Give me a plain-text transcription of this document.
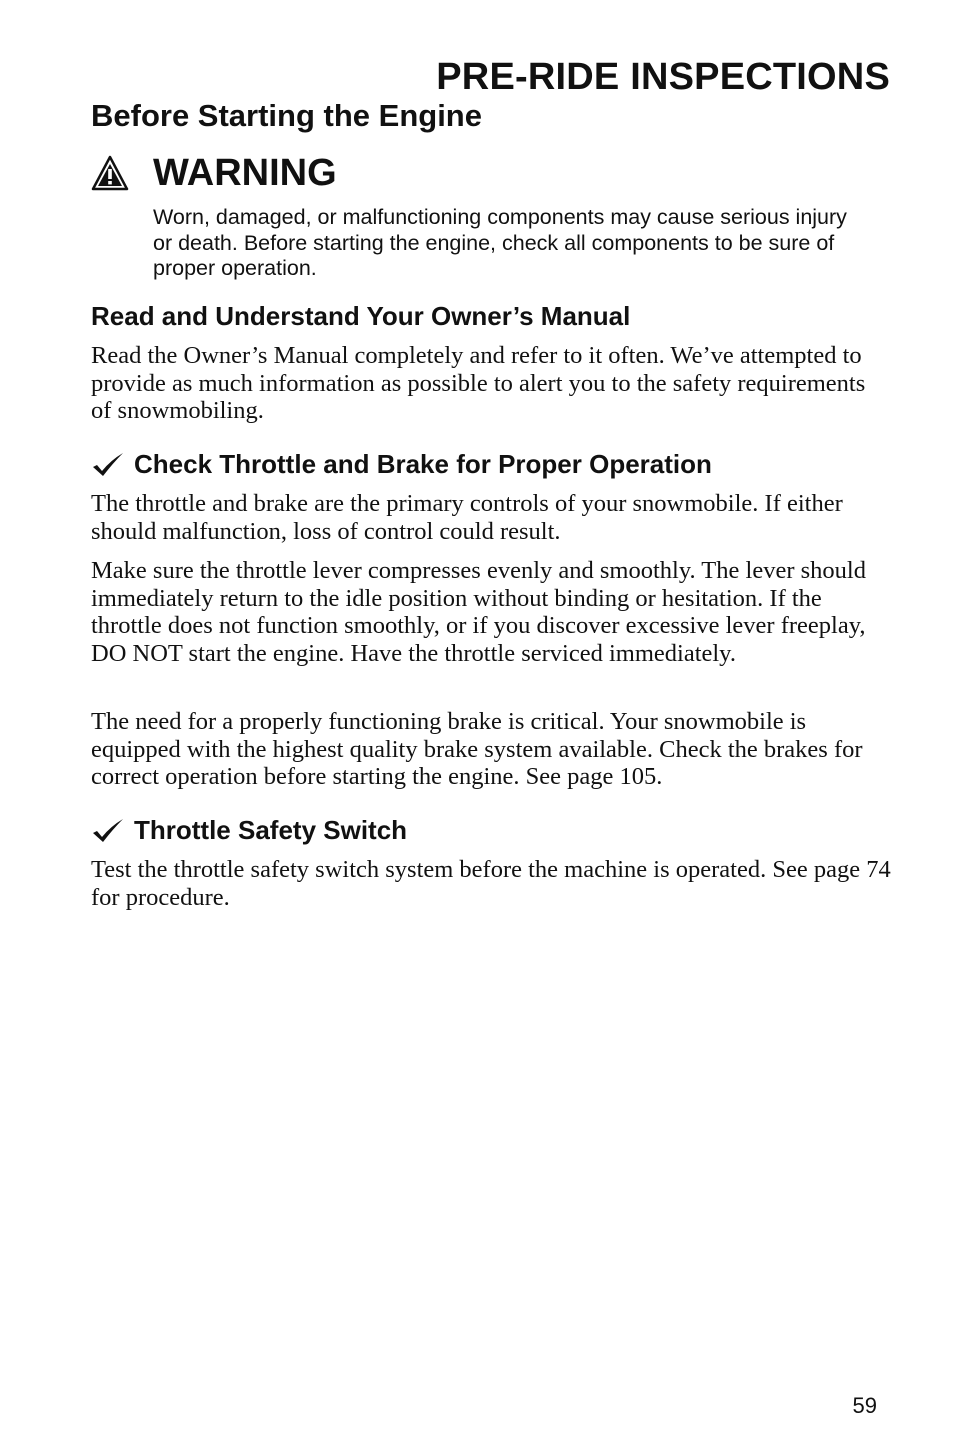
PRE-RIDE INSPECTIONS
Before Starting the Engine
WARNING

Worn, damaged, or malfunctioning components may cause serious injury or death. Before starting the engine, check all components to be sure of proper operation.

Read and Understand Your Owner’s Manual

Read the Owner’s Manual completely and refer to it often. We’ve attempted to provide as much information as possible to alert you to the safety requirements of snowmobiling.

Check Throttle and Brake for Proper Operation

The throttle and brake are the primary controls of your snowmobile. If either should malfunction, loss of control could result.

Make sure the throttle lever compresses evenly and smoothly. The lever should immediately return to the idle position without binding or hesitation. If the throttle does not function smoothly, or if you discover excessive lever freeplay, DO NOT start the engine. Have the throttle serviced immediately.

The need for a properly functioning brake is critical. Your snowmobile is equipped with the highest quality brake system available. Check the brakes for correct operation before starting the engine. See page 105.

Throttle Safety Switch

Test the throttle safety switch system before the machine is operated. See page 74 for procedure.

59
